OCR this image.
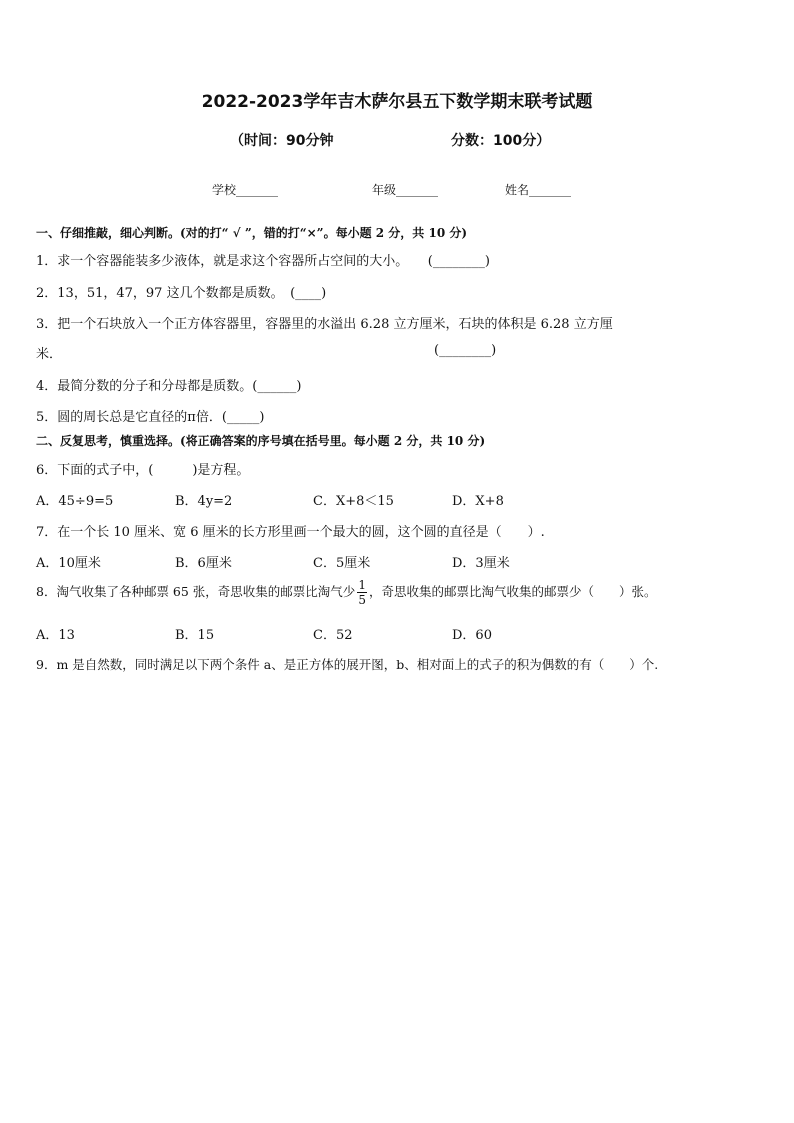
2022-2023学年吉木萨尔县五下数学期末联考试题
（时间：90分钟	分数：100分）
学校_______	年级_______	姓名_______
一、仔细推敲，细心判断。(对的打“ √ ”，错的打“×”。每小题 2 分，共 10 分)
1．求一个容器能装多少液体，就是求这个容器所占空间的大小。　　(________)
2．13，51，47，97 这几个数都是质数。　(____)
3．把一个石块放入一个正方体容器里，容器里的水溢出 6.28 立方厘米，石块的体积是 6.28 立方厘
米．	(________)
4．最简分数的分子和分母都是质数。(______)
5．圆的周长总是它直径的π倍．(_____)
二、反复思考，慎重选择。(将正确答案的序号填在括号里。每小题 2 分，共 10 分)
6．下面的式子中，(　　　)是方程。
A．45÷9=5	B．4y=2	C．X+8＜15	D．X+8
7．在一个长 10 厘米、宽 6 厘米的长方形里画一个最大的圆，这个圆的直径是（　　）.
A．10厘米	B．6厘米	C．5厘米	D．3厘米
8．淘气收集了各种邮票 65 张，奇思收集的邮票比淘气少 $\frac{1}{5}$ ，奇思收集的邮票比淘气收集的邮票少（　　）张。
A．13	B．15	C．52	D．60
9．m 是自然数，同时满足以下两个条件 a、是正方体的展开图，b、相对面上的式子的积为偶数的有（　　）个.
